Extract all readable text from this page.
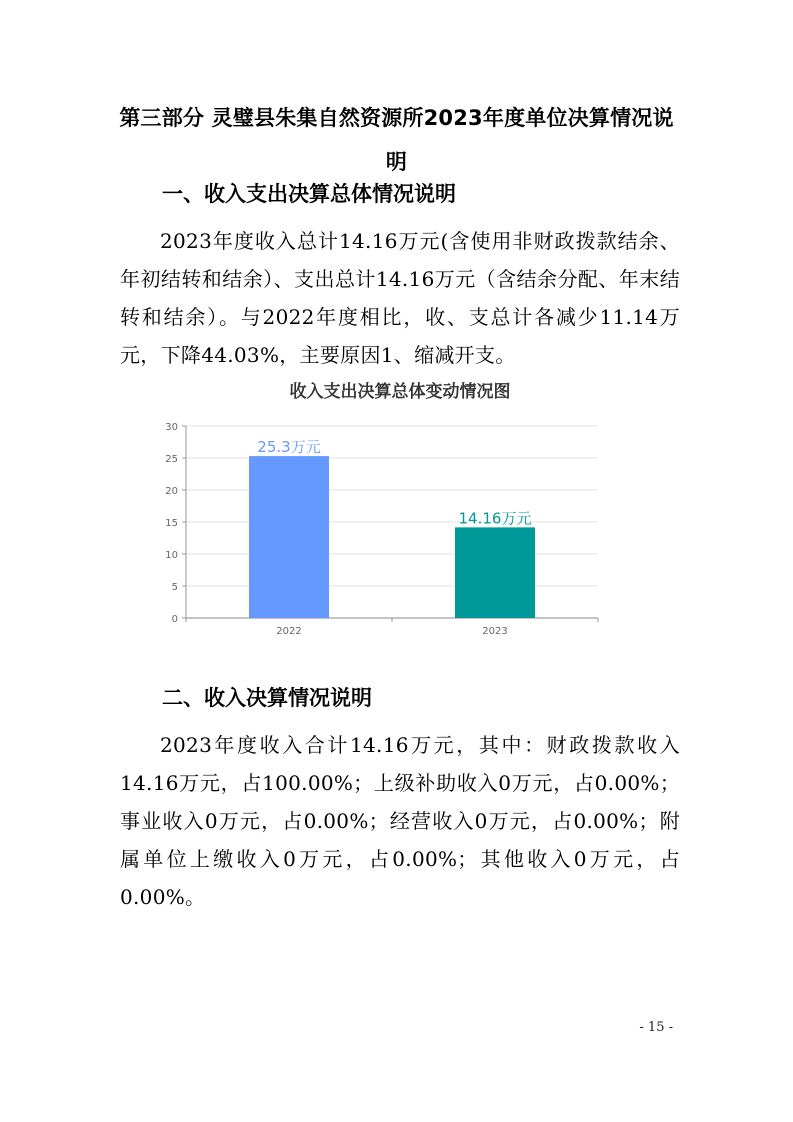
第三部分 灵璧县朱集自然资源所2023年度单位决算情况说
明
一、收入支出决算总体情况说明
2023年度收入总计14.16万元(含使用非财政拨款结余、年初结转和结余）、支出总计14.16万元（含结余分配、年末结转和结余）。与2022年度相比，收、支总计各减少11.14万元，下降44.03%，主要原因1、缩减开支。
收入支出决算总体变动情况图
0
5
10
15
20
25
30
25.3万元
2022
14.16万元
2023
二、收入决算情况说明
2023年度收入合计14.16万元，其中：财政拨款收入14.16万元，占100.00%；上级补助收入0万元，占0.00%；事业收入0万元，占0.00%；经营收入0万元，占0.00%；附属单位上缴收入0万元，占0.00%；其他收入0万元，占0.00%。
- 15 -
